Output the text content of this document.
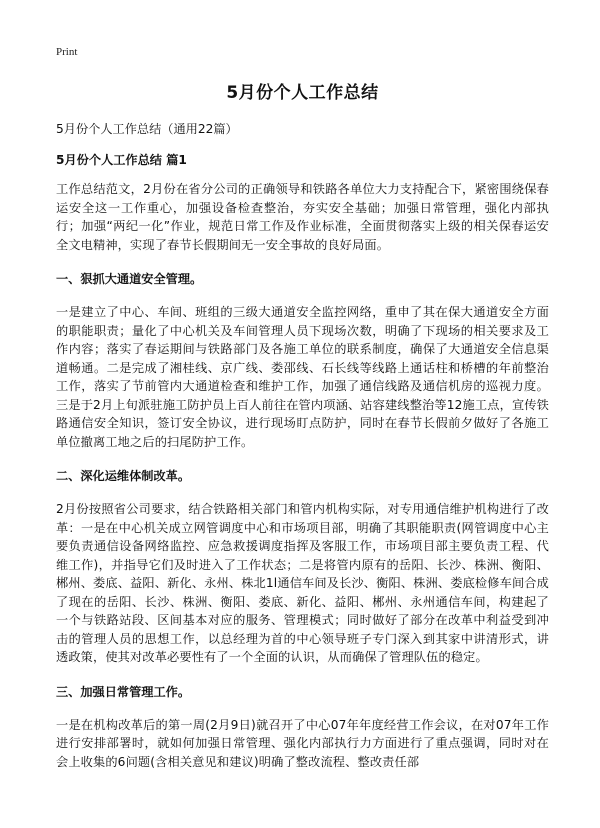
Print
5月份个人工作总结

5月份个人工作总结（通用22篇）

5月份个人工作总结 篇1

工作总结范文，2月份在省分公司的正确领导和铁路各单位大力支持配合下，紧密围绕保春运安全这一工作重心，加强设备检查整治，夯实安全基础；加强日常管理，强化内部执行；加强“两纪一化”作业，规范日常工作及作业标准，全面贯彻落实上级的相关保春运安全文电精神，实现了春节长假期间无一安全事故的良好局面。

一、狠抓大通道安全管理。

一是建立了中心、车间、班组的三级大通道安全监控网络，重申了其在保大通道安全方面的职能职责；量化了中心机关及车间管理人员下现场次数，明确了下现场的相关要求及工作内容；落实了春运期间与铁路部门及各施工单位的联系制度，确保了大通道安全信息渠道畅通。二是完成了湘桂线、京广线、娄邵线、石长线等线路上通话柱和桥槽的年前整治工作，落实了节前管内大通道检查和维护工作，加强了通信线路及通信机房的巡视力度。三是于2月上旬派驻施工防护员上百人前往在管内项涵、站容建线整治等12施工点，宣传铁路通信安全知识，签订安全协议，进行现场盯点防护，同时在春节长假前夕做好了各施工单位撤离工地之后的扫尾防护工作。

二、深化运维体制改革。

2月份按照省公司要求，结合铁路相关部门和管内机构实际，对专用通信维护机构进行了改革：一是在中心机关成立网管调度中心和市场项目部，明确了其职能职责(网管调度中心主要负责通信设备网络监控、应急救援调度指挥及客服工作，市场项目部主要负责工程、代维工作)，并指导它们及时进入了工作状态；二是将管内原有的岳阳、长沙、株洲、衡阳、郴州、娄底、益阳、新化、永州、株北1l通信车间及长沙、衡阳、株洲、娄底检修车间合成了现在的岳阳、长沙、株洲、衡阳、娄底、新化、益阳、郴州、永州通信车间，构建起了一个与铁路站段、区间基本对应的服务、管理模式；同时做好了部分在改革中利益受到冲击的管理人员的思想工作，以总经理为首的中心领导班子专门深入到其家中讲清形式，讲透政策，使其对改革必要性有了一个全面的认识，从而确保了管理队伍的稳定。

三、加强日常管理工作。

一是在机构改革后的第一周(2月9日)就召开了中心07年年度经营工作会议，在对07年工作进行安排部署时，就如何加强日常管理、强化内部执行力方面进行了重点强调，同时对在会上收集的6问题(含相关意见和建议)明确了整改流程、整改责任部
